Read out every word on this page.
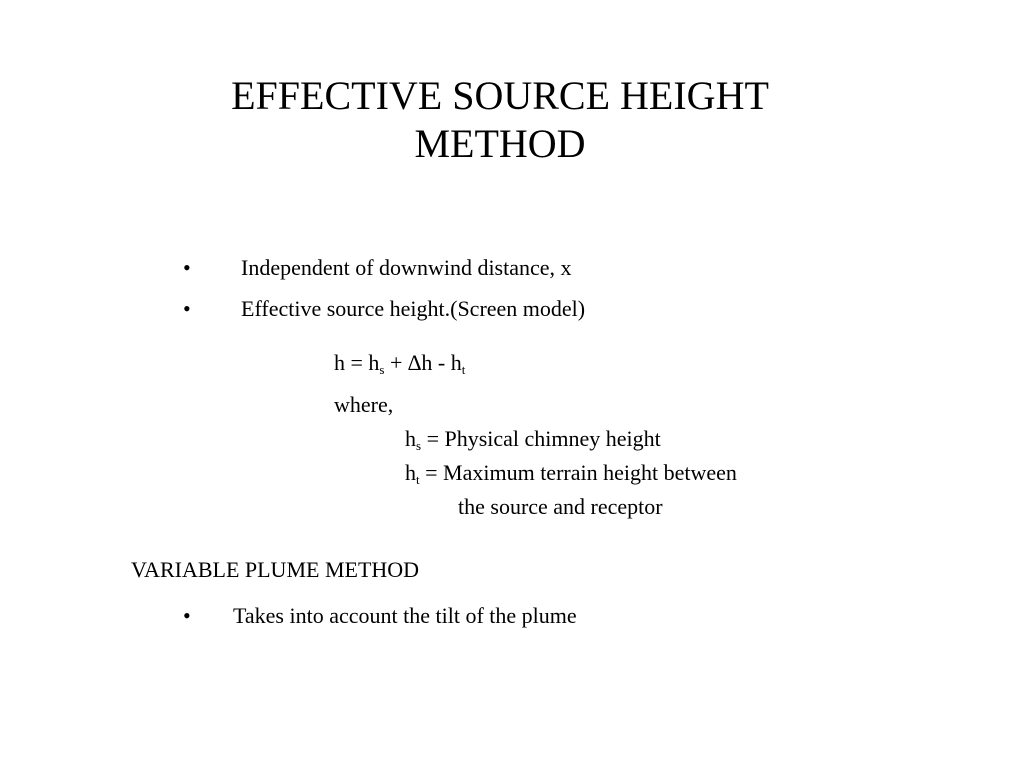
EFFECTIVE SOURCE HEIGHT
METHOD
• Independent of downwind distance, x
• Effective source height.(Screen model)
$h = h_s + \Delta h - h_t$
where,
$h_s$ = Physical chimney height
$h_t$ = Maximum terrain height between
the source and receptor
VARIABLE PLUME METHOD
• Takes into account the tilt of the plume
